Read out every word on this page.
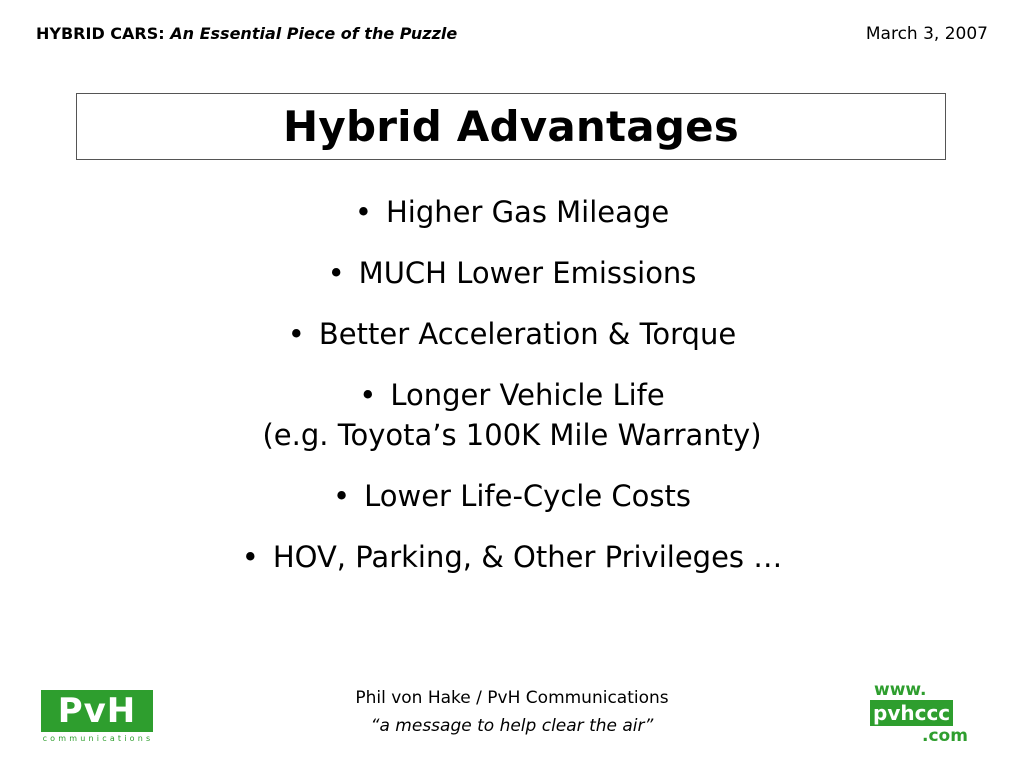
HYBRID CARS: An Essential Piece of the Puzzle	March 3, 2007
Hybrid Advantages

• Higher Gas Mileage

• MUCH Lower Emissions

• Better Acceleration & Torque

• Longer Vehicle Life
(e.g. Toyota’s 100K Mile Warranty)

• Lower Life-Cycle Costs

• HOV, Parking, & Other Privileges …

PvH
communications
Phil von Hake / PvH Communications
“a message to help clear the air”
www.
pvhccc
.com
